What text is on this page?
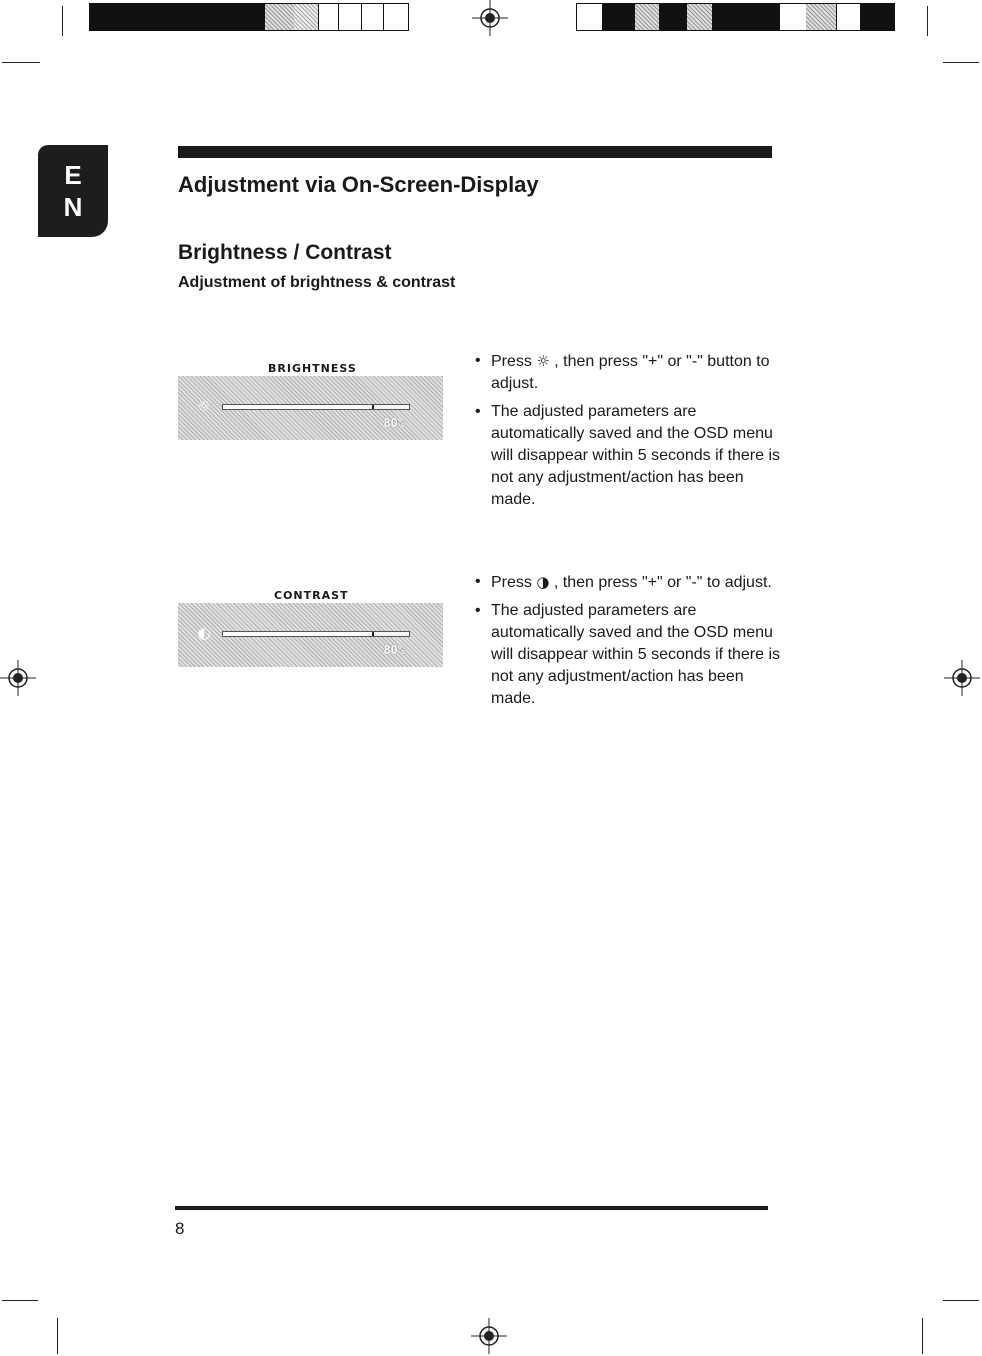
E
N
Adjustment via On-Screen-Display
Brightness / Contrast
Adjustment of brightness & contrast
BRIGHTNESS
☼
80%
• Press ☼ , then press "+" or "-" button to adjust.
• The adjusted parameters are automatically saved and the OSD menu will disappear within 5 seconds if there is not any adjustment/action has been made.
CONTRAST
◐
80%
• Press ◑ , then press "+" or "-" to adjust.
• The adjusted parameters are automatically saved and the OSD menu will disappear within 5 seconds if there is not any adjustment/action has been made.
8
